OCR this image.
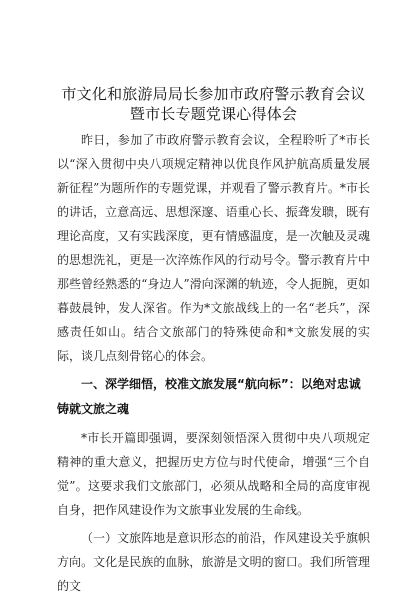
市文化和旅游局局长参加市政府警示教育会议
暨市长专题党课心得体会

昨日，参加了市政府警示教育会议，全程聆听了*市长以“深入贯彻中央八项规定精神以优良作风护航高质量发展新征程”为题所作的专题党课，并观看了警示教育片。*市长的讲话，立意高远、思想深邃、语重心长、振聋发聩，既有理论高度，又有实践深度，更有情感温度，是一次触及灵魂的思想洗礼，更是一次淬炼作风的行动号令。警示教育片中那些曾经熟悉的“身边人”滑向深渊的轨迹，令人扼腕，更如暮鼓晨钟，发人深省。作为*文旅战线上的一名“老兵”，深感责任如山。结合文旅部门的特殊使命和*文旅发展的实际，谈几点刻骨铭心的体会。

一、深学细悟，校准文旅发展“航向标”：以绝对忠诚铸就文旅之魂

*市长开篇即强调，要深刻领悟深入贯彻中央八项规定精神的重大意义，把握历史方位与时代使命，增强“三个自觉”。这要求我们文旅部门，必须从战略和全局的高度审视自身，把作风建设作为文旅事业发展的生命线。

（一）文旅阵地是意识形态的前沿，作风建设关乎旗帜方向。文化是民族的血脉，旅游是文明的窗口。我们所管理的文
